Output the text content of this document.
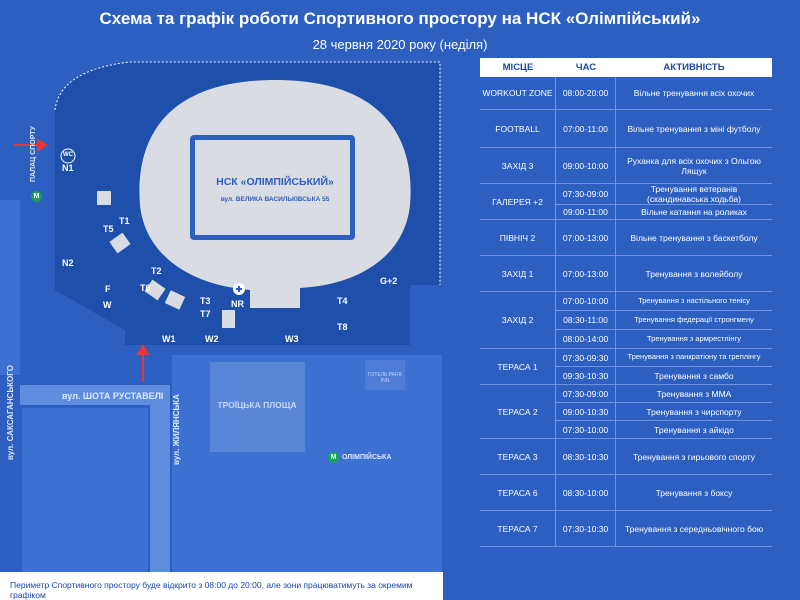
Схема та графік роботи Спортивного простору на НСК «Олімпійський»
28 червня 2020 року (неділя)
НСК «ОЛІМПІЙСЬКИЙ»
вул. ВЕЛИКА ВАСИЛЬКІВСЬКА 55
WC
N1
N2
T1
T2
T3	T4
T5
T6
T7
T8
F
W	NR
G+2
W1	W2	W3
М
ПАЛАЦ СПОРТУ
М ОЛІМПІЙСЬКА
вул. ШОТА РУСТАВЕЛІ
вул. САКСАГАНСЬКОГО	вул. ЖИЛЯНСЬКА	ТРОЇЦЬКА ПЛОЩА
ГОТЕЛЬ PARK INN
Периметр Спортивного простору буде відкрито з 08:00 до 20:00, але зони працюватимуть за окремим графіком
МІСЦЕ	ЧАС	АКТИВНІСТЬ
WORKOUT ZONE	08:00-20:00	Вільне тренування всіх охочих
FOOTBALL	07:00-11:00	Вільне тренування з міні футболу
ЗАХІД 3	09:00-10:00	Руханка для всіх охочих з Ольгою Лящук
ГАЛЕРЕЯ +2
07:30-09:00	Тренування ветеранів (скандинавська ходьба)
09:00-11:00	Вільне катання на роликах
ПІВНІЧ 2	07:00-13:00	Вільне тренування з баскетболу
ЗАХІД 1	07:00-13:00	Тренування з волейболу
ЗАХІД 2
07:00-10:00	Тренування з настільного тенісу
08:30-11:00	Тренування федерації стронгмену
08:00-14:00	Тренування з армрестлінгу
ТЕРАСА 1
07:30-09:30	Тренування з панкратіону та греплінгу
09:30-10:30	Тренування з самбо
ТЕРАСА 2
07:30-09:00	Тренування з ММА
09:00-10:30	Тренування з чирспорту
07:30-10:00	Тренування з айкідо
ТЕРАСА 3	08:30-10:30	Тренування з гирьового спорту
ТЕРАСА 6	08:30-10:00	Тренування з боксу
ТЕРАСА 7	07:30-10:30	Тренування з середньовічного бою
